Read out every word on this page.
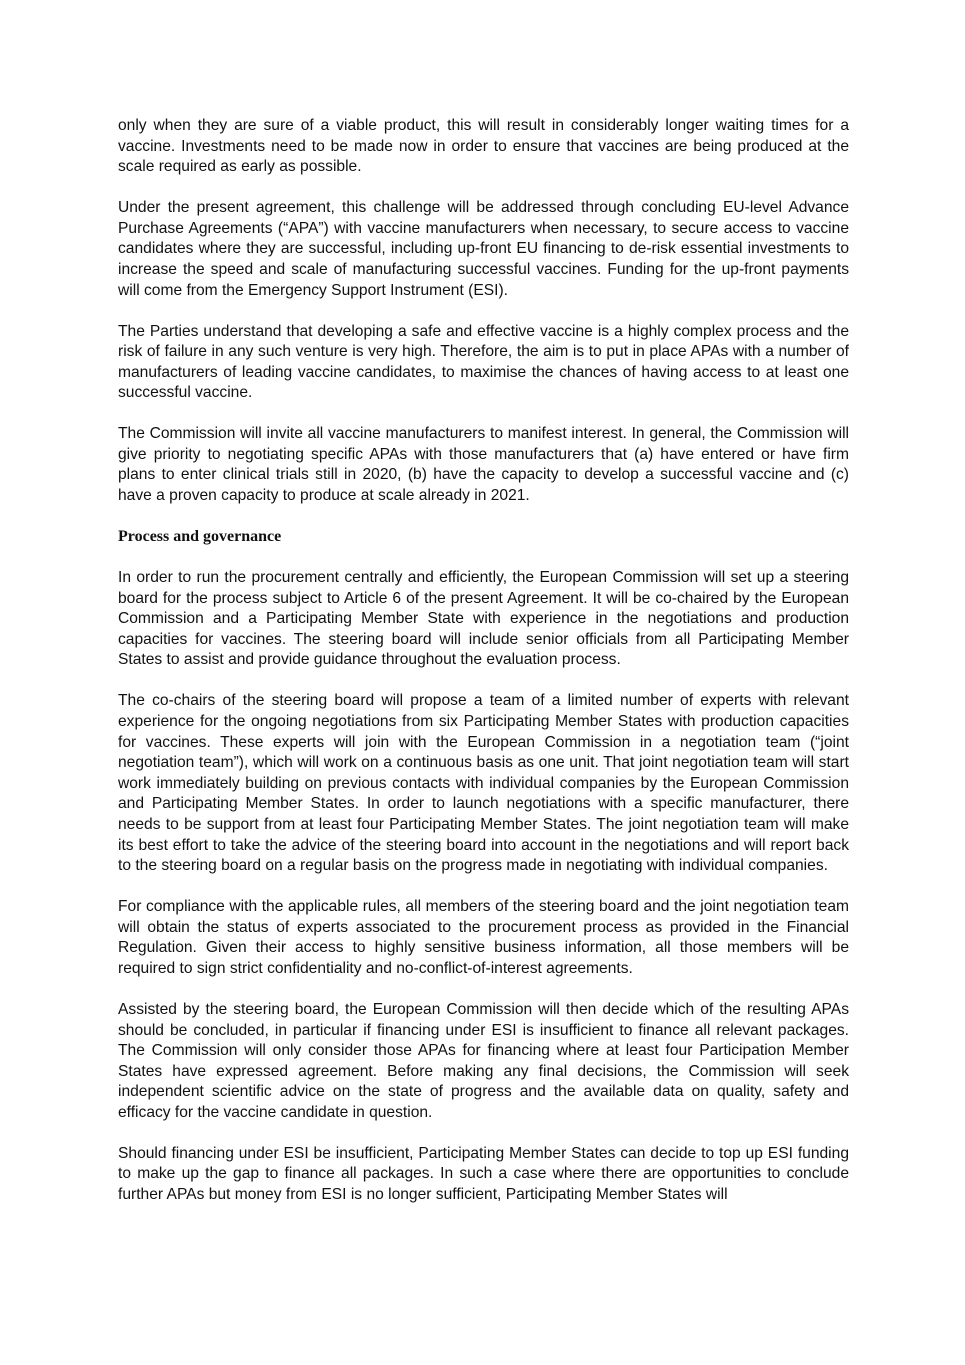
only when they are sure of a viable product, this will result in considerably longer waiting times for a vaccine. Investments need to be made now in order to ensure that vaccines are being produced at the scale required as early as possible.

Under the present agreement, this challenge will be addressed through concluding EU-level Advance Purchase Agreements (“APA”) with vaccine manufacturers when necessary, to secure access to vaccine candidates where they are successful, including up-front EU financing to de-risk essential investments to increase the speed and scale of manufacturing successful vaccines. Funding for the up-front payments will come from the Emergency Support Instrument (ESI).

The Parties understand that developing a safe and effective vaccine is a highly complex process and the risk of failure in any such venture is very high. Therefore, the aim is to put in place APAs with a number of manufacturers of leading vaccine candidates, to maximise the chances of having access to at least one successful vaccine.

The Commission will invite all vaccine manufacturers to manifest interest. In general, the Commission will give priority to negotiating specific APAs with those manufacturers that (a) have entered or have firm plans to enter clinical trials still in 2020, (b) have the capacity to develop a successful vaccine and (c) have a proven capacity to produce at scale already in 2021.

Process and governance

In order to run the procurement centrally and efficiently, the European Commission will set up a steering board for the process subject to Article 6 of the present Agreement. It will be co-chaired by the European Commission and a Participating Member State with experience in the negotiations and production capacities for vaccines. The steering board will include senior officials from all Participating Member States to assist and provide guidance throughout the evaluation process.

The co-chairs of the steering board will propose a team of a limited number of experts with relevant experience for the ongoing negotiations from six Participating Member States with production capacities for vaccines. These experts will join with the European Commission in a negotiation team (“joint negotiation team”), which will work on a continuous basis as one unit. That joint negotiation team will start work immediately building on previous contacts with individual companies by the European Commission and Participating Member States. In order to launch negotiations with a specific manufacturer, there needs to be support from at least four Participating Member States. The joint negotiation team will make its best effort to take the advice of the steering board into account in the negotiations and will report back to the steering board on a regular basis on the progress made in negotiating with individual companies.

For compliance with the applicable rules, all members of the steering board and the joint negotiation team will obtain the status of experts associated to the procurement process as provided in the Financial Regulation. Given their access to highly sensitive business information, all those members will be required to sign strict confidentiality and no-conflict-of-interest agreements.

Assisted by the steering board, the European Commission will then decide which of the resulting APAs should be concluded, in particular if financing under ESI is insufficient to finance all relevant packages. The Commission will only consider those APAs for financing where at least four Participation Member States have expressed agreement. Before making any final decisions, the Commission will seek independent scientific advice on the state of progress and the available data on quality, safety and efficacy for the vaccine candidate in question.

Should financing under ESI be insufficient, Participating Member States can decide to top up ESI funding to make up the gap to finance all packages. In such a case where there are opportunities to conclude further APAs but money from ESI is no longer sufficient, Participating Member States will
